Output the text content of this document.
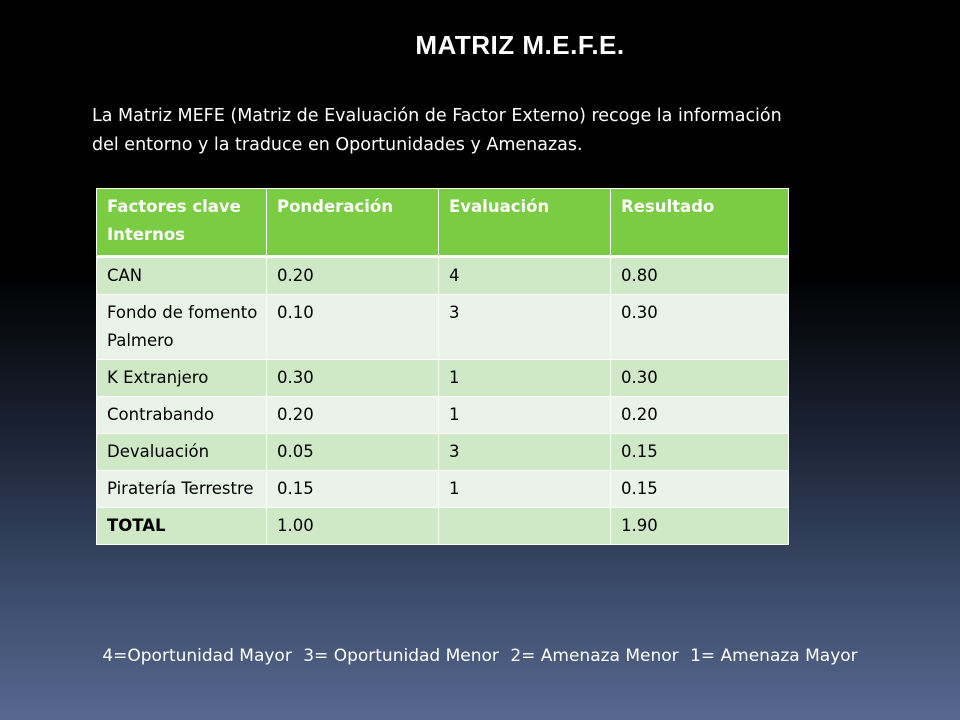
MATRIZ M.E.F.E.
La Matriz MEFE (Matriz de Evaluación de Factor Externo) recoge la información del entorno y la traduce en Oportunidades y Amenazas.
Factores clave Internos	Ponderación	Evaluación	Resultado
CAN	0.20	4	0.80
Fondo de fomento Palmero	0.10	3	0.30
K Extranjero	0.30	1	0.30
Contrabando	0.20	1	0.20
Devaluación	0.05	3	0.15
Piratería Terrestre	0.15	1	0.15
TOTAL	1.00		1.90
4=Oportunidad Mayor 3= Oportunidad Menor 2= Amenaza Menor 1= Amenaza Mayor
